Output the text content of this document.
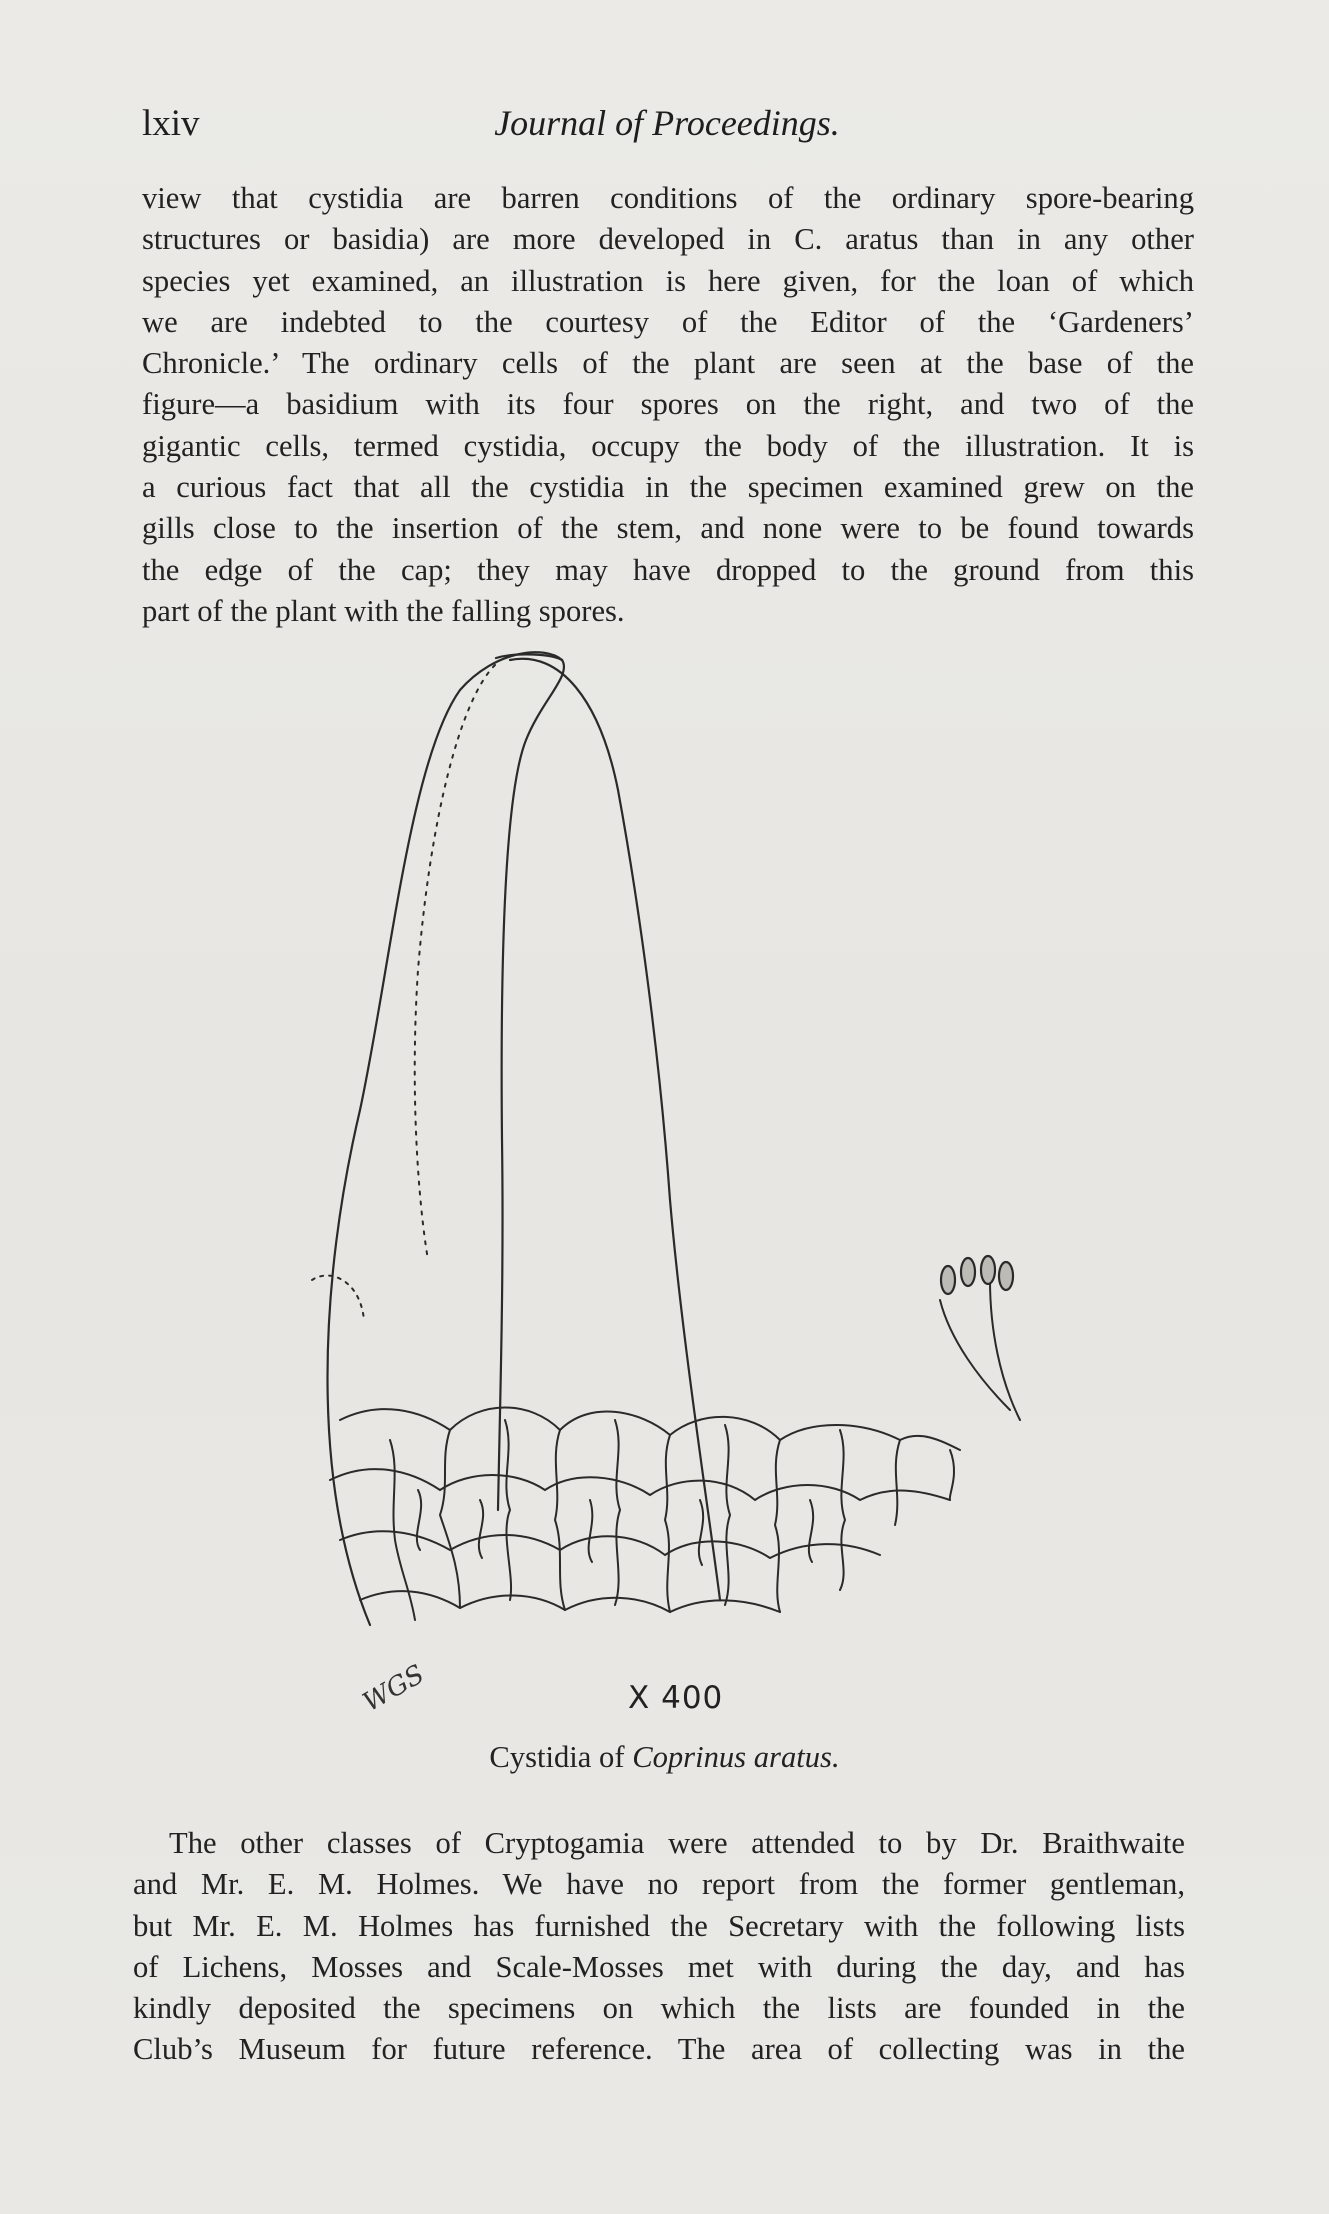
lxiv	Journal of Proceedings.
view that cystidia are barren conditions of the ordinary spore-bearing
structures or basidia) are more developed in C. aratus than in any other
species yet examined, an illustration is here given, for the loan of which
we are indebted to the courtesy of the Editor of the ‘Gardeners’
Chronicle.’ The ordinary cells of the plant are seen at the base of the
figure—a basidium with its four spores on the right, and two of the
gigantic cells, termed cystidia, occupy the body of the illustration. It is
a curious fact that all the cystidia in the specimen examined grew on the
gills close to the insertion of the stem, and none were to be found towards
the edge of the cap; they may have dropped to the ground from this
part of the plant with the falling spores.
WGS	X 400
Cystidia of Coprinus aratus.
The other classes of Cryptogamia were attended to by Dr. Braithwaite
and Mr. E. M. Holmes. We have no report from the former gentleman,
but Mr. E. M. Holmes has furnished the Secretary with the following lists
of Lichens, Mosses and Scale-Mosses met with during the day, and has
kindly deposited the specimens on which the lists are founded in the
Club’s Museum for future reference. The area of collecting was in the
